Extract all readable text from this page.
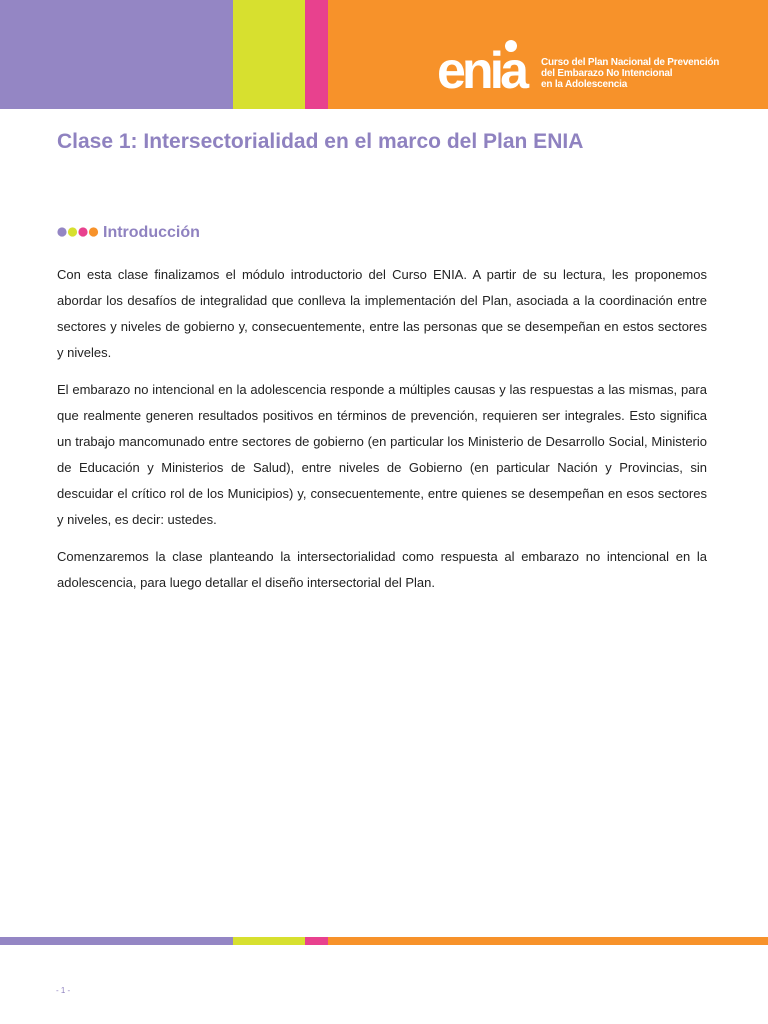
enia	Curso del Plan Nacional de Prevención
del Embarazo No Intencional
en la Adolescencia
Clase 1: Intersectorialidad en el marco del Plan ENIA
Introducción

Con esta clase finalizamos el módulo introductorio del Curso ENIA. A partir de su lectura, les proponemos abordar los desafíos de integralidad que conlleva la implementación del Plan, asociada a la coordinación entre sectores y niveles de gobierno y, consecuentemente, entre las personas que se desempeñan en estos sectores y niveles.

El embarazo no intencional en la adolescencia responde a múltiples causas y las respuestas a las mismas, para que realmente generen resultados positivos en términos de prevención, requieren ser integrales. Esto significa un trabajo mancomunado entre sectores de gobierno (en particular los Ministerio de Desarrollo Social, Ministerio de Educación y Ministerios de Salud), entre niveles de Gobierno (en particular Nación y Provincias, sin descuidar el crítico rol de los Municipios) y, consecuentemente, entre quienes se desempeñan en esos sectores y niveles, es decir: ustedes.

Comenzaremos la clase planteando la intersectorialidad como respuesta al embarazo no intencional en la adolescencia, para luego detallar el diseño intersectorial del Plan.

- 1 -
